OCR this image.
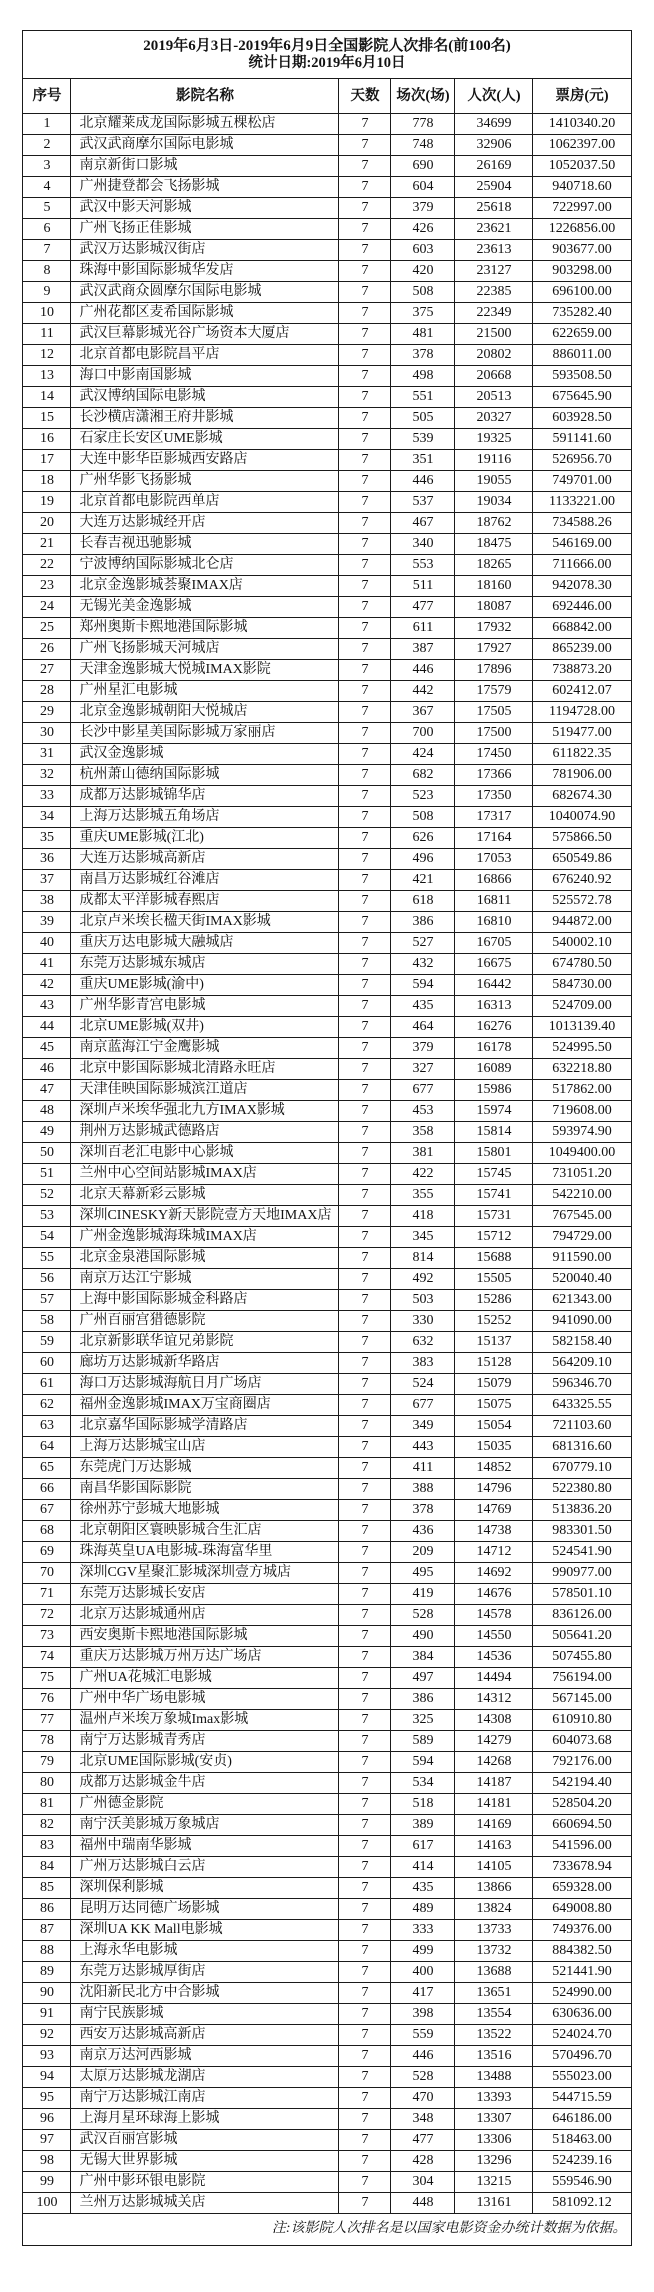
2019年6月3日-2019年6月9日全国影院人次排名(前100名)
统计日期:2019年6月10日					

序号	影院名称	天数	场次(场)	人次(人)	票房(元)
1	北京耀莱成龙国际影城五棵松店	7	778	34699	1410340.20
2	武汉武商摩尔国际电影城	7	748	32906	1062397.00
3	南京新街口影城	7	690	26169	1052037.50
4	广州捷登都会飞扬影城	7	604	25904	940718.60
5	武汉中影天河影城	7	379	25618	722997.00
6	广州飞扬正佳影城	7	426	23621	1226856.00
7	武汉万达影城汉街店	7	603	23613	903677.00
8	珠海中影国际影城华发店	7	420	23127	903298.00
9	武汉武商众圆摩尔国际电影城	7	508	22385	696100.00
10	广州花都区麦希国际影城	7	375	22349	735282.40
11	武汉巨幕影城光谷广场资本大厦店	7	481	21500	622659.00
12	北京首都电影院昌平店	7	378	20802	886011.00
13	海口中影南国影城	7	498	20668	593508.50
14	武汉博纳国际电影城	7	551	20513	675645.90
15	长沙横店潇湘王府井影城	7	505	20327	603928.50
16	石家庄长安区UME影城	7	539	19325	591141.60
17	大连中影华臣影城西安路店	7	351	19116	526956.70
18	广州华影飞扬影城	7	446	19055	749701.00
19	北京首都电影院西单店	7	537	19034	1133221.00
20	大连万达影城经开店	7	467	18762	734588.26
21	长春吉视迅驰影城	7	340	18475	546169.00
22	宁波博纳国际影城北仑店	7	553	18265	711666.00
23	北京金逸影城荟聚IMAX店	7	511	18160	942078.30
24	无锡光美金逸影城	7	477	18087	692446.00
25	郑州奥斯卡熙地港国际影城	7	611	17932	668842.00
26	广州飞扬影城天河城店	7	387	17927	865239.00
27	天津金逸影城大悦城IMAX影院	7	446	17896	738873.20
28	广州星汇电影城	7	442	17579	602412.07
29	北京金逸影城朝阳大悦城店	7	367	17505	1194728.00
30	长沙中影星美国际影城万家丽店	7	700	17500	519477.00
31	武汉金逸影城	7	424	17450	611822.35
32	杭州萧山德纳国际影城	7	682	17366	781906.00
33	成都万达影城锦华店	7	523	17350	682674.30
34	上海万达影城五角场店	7	508	17317	1040074.90
35	重庆UME影城(江北)	7	626	17164	575866.50
36	大连万达影城高新店	7	496	17053	650549.86
37	南昌万达影城红谷滩店	7	421	16866	676240.92
38	成都太平洋影城春熙店	7	618	16811	525572.78
39	北京卢米埃长楹天街IMAX影城	7	386	16810	944872.00
40	重庆万达电影城大融城店	7	527	16705	540002.10
41	东莞万达影城东城店	7	432	16675	674780.50
42	重庆UME影城(渝中)	7	594	16442	584730.00
43	广州华影青宫电影城	7	435	16313	524709.00
44	北京UME影城(双井)	7	464	16276	1013139.40
45	南京蓝海江宁金鹰影城	7	379	16178	524995.50
46	北京中影国际影城北清路永旺店	7	327	16089	632218.80
47	天津佳映国际影城滨江道店	7	677	15986	517862.00
48	深圳卢米埃华强北九方IMAX影城	7	453	15974	719608.00
49	荆州万达影城武德路店	7	358	15814	593974.90
50	深圳百老汇电影中心影城	7	381	15801	1049400.00
51	兰州中心空间站影城IMAX店	7	422	15745	731051.20
52	北京天幕新彩云影城	7	355	15741	542210.00
53	深圳CINESKY新天影院壹方天地IMAX店	7	418	15731	767545.00
54	广州金逸影城海珠城IMAX店	7	345	15712	794729.00
55	北京金泉港国际影城	7	814	15688	911590.00
56	南京万达江宁影城	7	492	15505	520040.40
57	上海中影国际影城金科路店	7	503	15286	621343.00
58	广州百丽宫猎德影院	7	330	15252	941090.00
59	北京新影联华谊兄弟影院	7	632	15137	582158.40
60	廊坊万达影城新华路店	7	383	15128	564209.10
61	海口万达影城海航日月广场店	7	524	15079	596346.70
62	福州金逸影城IMAX万宝商圈店	7	677	15075	643325.55
63	北京嘉华国际影城学清路店	7	349	15054	721103.60
64	上海万达影城宝山店	7	443	15035	681316.60
65	东莞虎门万达影城	7	411	14852	670779.10
66	南昌华影国际影院	7	388	14796	522380.80
67	徐州苏宁彭城大地影城	7	378	14769	513836.20
68	北京朝阳区寰映影城合生汇店	7	436	14738	983301.50
69	珠海英皇UA电影城-珠海富华里	7	209	14712	524541.90
70	深圳CGV星聚汇影城深圳壹方城店	7	495	14692	990977.00
71	东莞万达影城长安店	7	419	14676	578501.10
72	北京万达影城通州店	7	528	14578	836126.00
73	西安奥斯卡熙地港国际影城	7	490	14550	505641.20
74	重庆万达影城万州万达广场店	7	384	14536	507455.80
75	广州UA花城汇电影城	7	497	14494	756194.00
76	广州中华广场电影城	7	386	14312	567145.00
77	温州卢米埃万象城Imax影城	7	325	14308	610910.80
78	南宁万达影城青秀店	7	589	14279	604073.68
79	北京UME国际影城(安贞)	7	594	14268	792176.00
80	成都万达影城金牛店	7	534	14187	542194.40
81	广州德金影院	7	518	14181	528504.20
82	南宁沃美影城万象城店	7	389	14169	660694.50
83	福州中瑞南华影城	7	617	14163	541596.00
84	广州万达影城白云店	7	414	14105	733678.94
85	深圳保利影城	7	435	13866	659328.00
86	昆明万达同德广场影城	7	489	13824	649008.80
87	深圳UA KK Mall电影城	7	333	13733	749376.00
88	上海永华电影城	7	499	13732	884382.50
89	东莞万达影城厚街店	7	400	13688	521441.90
90	沈阳新民北方中合影城	7	417	13651	524990.00
91	南宁民族影城	7	398	13554	630636.00
92	西安万达影城高新店	7	559	13522	524024.70
93	南京万达河西影城	7	446	13516	570496.70
94	太原万达影城龙湖店	7	528	13488	555023.00
95	南宁万达影城江南店	7	470	13393	544715.59
96	上海月星环球海上影城	7	348	13307	646186.00
97	武汉百丽宫影城	7	477	13306	518463.00
98	无锡大世界影城	7	428	13296	524239.16
99	广州中影环银电影院	7	304	13215	559546.90
100	兰州万达影城城关店	7	448	13161	581092.12
注:该影院人次排名是以国家电影资金办统计数据为依据。					
